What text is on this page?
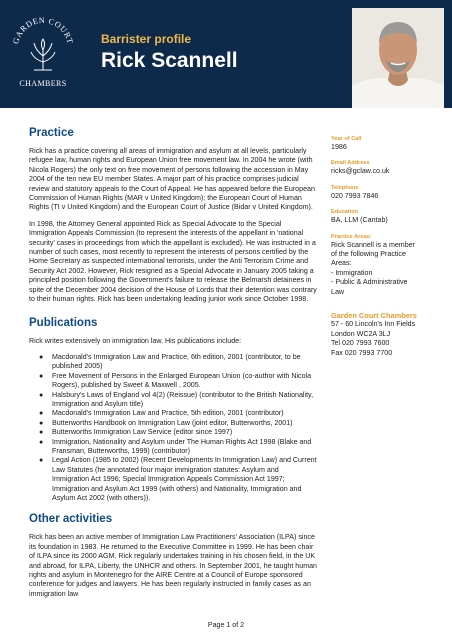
GARDEN COURT
CHAMBERS
Barrister profile
Rick Scannell
Practice

Rick has a practice covering all areas of immigration and asylum at all levels, particularly refugee law, human rights and European Union free movement law. In 2004 he wrote (with Nicola Rogers) the only text on free movement of persons following the accession in May 2004 of the ten new EU member States. A major part of his practice comprises judicial review and statutory appeals to the Court of Appeal. He has appeared before the European Commission of Human Rights (MAR v United Kingdom); the European Court of Human Rights (TI v United Kingdom) and the European Court of Justice (Bidar v United Kingdom).

In 1998, the Attorney General appointed Rick as Special Advocate to the Special Immigration Appeals Commission (to represent the interests of the appellant in 'national security' cases in proceedings from which the appellant is excluded). He was instructed in a number of such cases, most recently to represent the interests of persons certified by the Home Secretary as suspected international terrorists, under the Anti Terrorism Crime and Security Act 2002. However, Rick resigned as a Special Advocate in January 2005 taking a principled position following the Government's failure to release the Belmarsh detainees in spite of the December 2004 decision of the House of Lords that their detention was contrary to their human rights. Rick has been undertaking leading junior work since October 1998.

Publications

Rick writes extensively on immigration law. His publications include:

● Macdonald's Immigration Law and Practice, 6th edition, 2001 (contributor, to be published 2005)
● Free Movement of Persons in the Enlarged European Union (co-author with Nicola Rogers), published by Sweet & Maxwell , 2005.
● Halsbury's Laws of England vol 4(2) (Reissue) (contributor to the British Nationality, Immigration and Asylum title)
● Macdonald's Immigration Law and Practice, 5th edition, 2001 (contributor)
● Butterworths Handbook on Immigration Law (joint editor, Butterworths, 2001)
● Butterworths Immigration Law Service (editor since 1997)
● Immigration, Nationality and Asylum under The Human Rights Act 1998 (Blake and Fransman, Butterworths, 1999) (contributor)
● Legal Action (1985 to 2002) (Recent Developments In Immigration Law) and Current Law Statutes (he annotated four major immigration statutes: Asylum and Immigration Act 1996; Special Immigration Appeals Commission Act 1997; Immigration and Asylum Act 1999 (with others) and Nationality, Immigration and Asylum Act 2002 (with others)).
Other activities

Rick has been an active member of Immigration Law Practitioners' Association (ILPA) since its foundation in 1983. He returned to the Executive Committee in 1999. He has been chair of ILPA since its 2000 AGM. Rick regularly undertakes training in his chosen field, in the UK and abroad, for ILPA, Liberty, the UNHCR and others. In September 2001, he taught human rights and asylum in Montenegro for the AIRE Centre at a Council of Europe sponsored conference for judges and lawyers. He has been regularly instructed in family cases as an immigration law

Year of Call
1986
Email Address
ricks@gclaw.co.uk
Telephone
020 7993 7846
Education
BA, LLM (Cantab)
Practice Areas:
Rick Scannell is a member
of the following Practice
Areas:
- Immigration
- Public & Administrative
Law
Garden Court Chambers
57 - 60 Lincoln's Inn Fields
London WC2A 3LJ
Tel 020 7993 7600
Fax 020 7993 7700
Page 1 of 2
